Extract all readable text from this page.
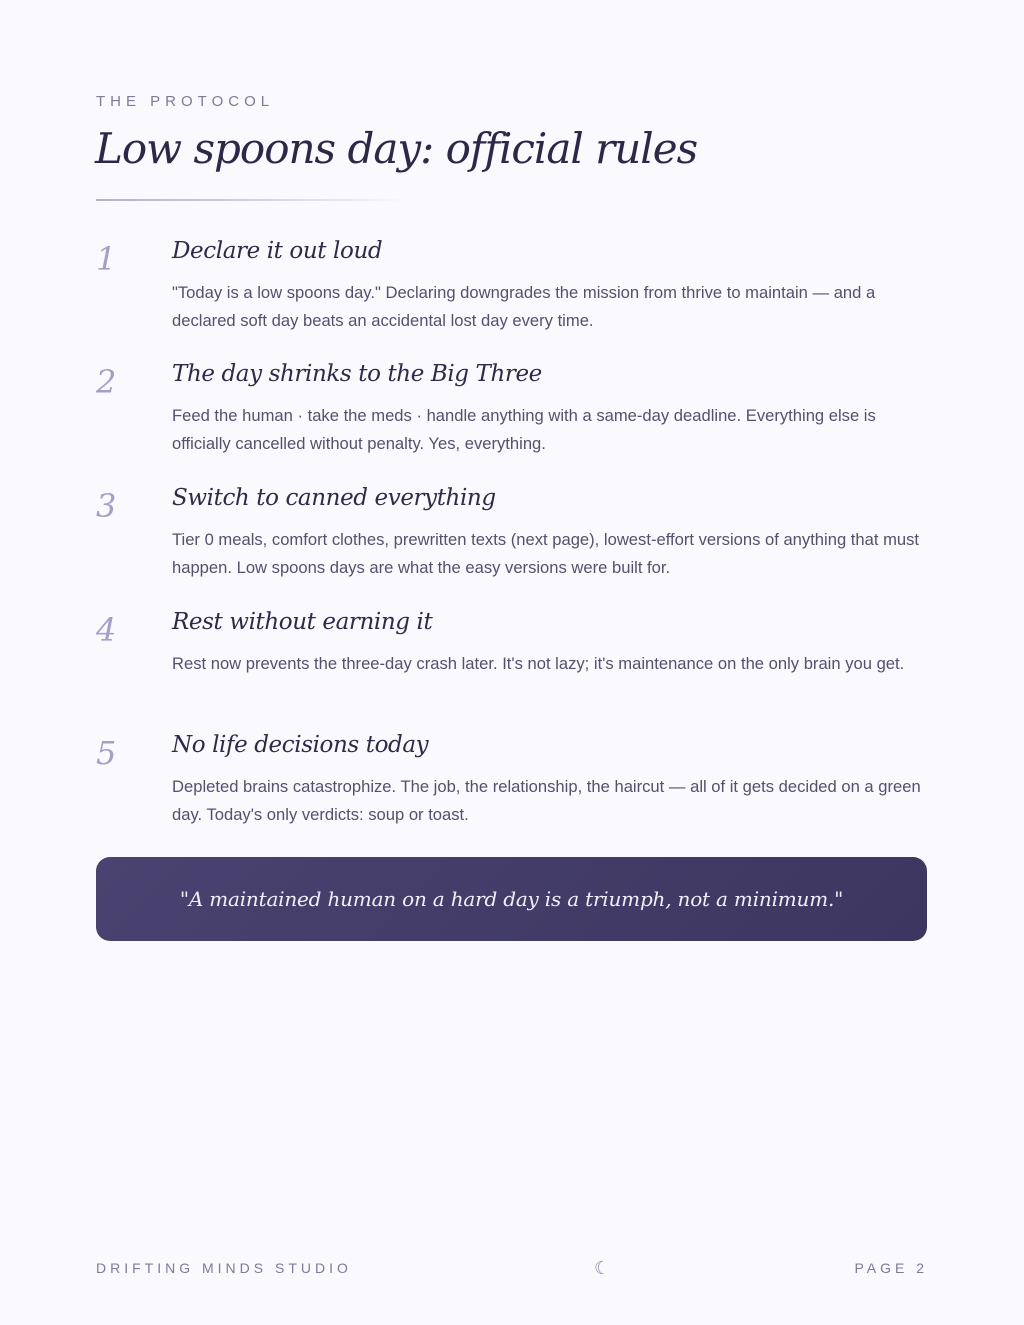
THE PROTOCOL
Low spoons day: official rules
1 Declare it out loud

"Today is a low spoons day." Declaring downgrades the mission from thrive to maintain — and a declared soft day beats an accidental lost day every time.

2 The day shrinks to the Big Three

Feed the human · take the meds · handle anything with a same-day deadline. Everything else is officially cancelled without penalty. Yes, everything.

3 Switch to canned everything

Tier 0 meals, comfort clothes, prewritten texts (next page), lowest-effort versions of anything that must happen. Low spoons days are what the easy versions were built for.

4 Rest without earning it

Rest now prevents the three-day crash later. It's not lazy; it's maintenance on the only brain you get.

5 No life decisions today

Depleted brains catastrophize. The job, the relationship, the haircut — all of it gets decided on a green day. Today's only verdicts: soup or toast.

"A maintained human on a hard day is a triumph, not a minimum."
DRIFTING MINDS STUDIO	☾	PAGE 2
